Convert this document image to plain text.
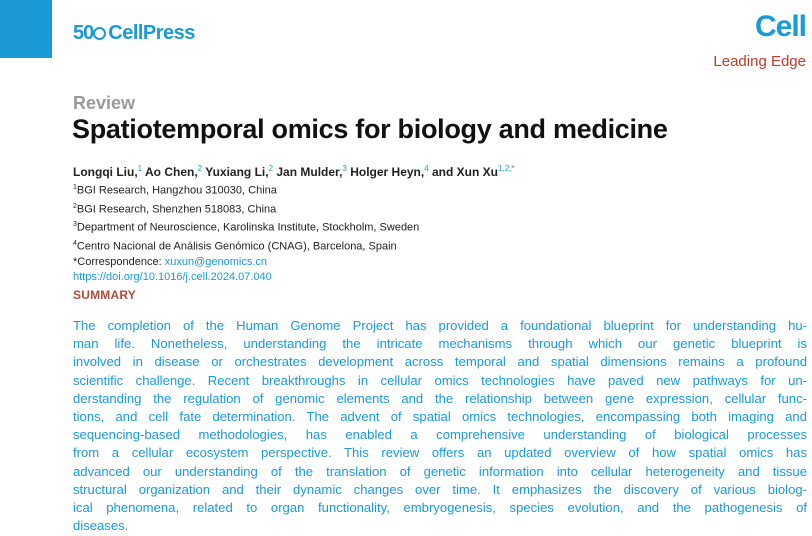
50 CellPress	Cell
Leading Edge
Review
Spatiotemporal omics for biology and medicine
Longqi Liu,$^1$ Ao Chen,$^2$ Yuxiang Li,$^2$ Jan Mulder,$^3$ Holger Heyn,$^4$ and Xun $Xu^{1,2,*}$
$^1$BGI Research, Hangzhou 310030, China
$^2$BGI Research, Shenzhen 518083, China
$^3$Department of Neuroscience, Karolinska Institute, Stockholm, Sweden
$^4$Centro Nacional de Análisis Genómico (CNAG), Barcelona, Spain
*Correspondence: xuxun@genomics.cn
https://doi.org/10.1016/j.cell.2024.07.040
SUMMARY
The completion of the Human Genome Project has provided a foundational blueprint for understanding hu-
man life. Nonetheless, understanding the intricate mechanisms through which our genetic blueprint is
involved in disease or orchestrates development across temporal and spatial dimensions remains a profound
scientific challenge. Recent breakthroughs in cellular omics technologies have paved new pathways for un-
derstanding the regulation of genomic elements and the relationship between gene expression, cellular func-
tions, and cell fate determination. The advent of spatial omics technologies, encompassing both imaging and
sequencing-based methodologies, has enabled a comprehensive understanding of biological processes
from a cellular ecosystem perspective. This review offers an updated overview of how spatial omics has
advanced our understanding of the translation of genetic information into cellular heterogeneity and tissue
structural organization and their dynamic changes over time. It emphasizes the discovery of various biolog-
ical phenomena, related to organ functionality, embryogenesis, species evolution, and the pathogenesis of
diseases.
